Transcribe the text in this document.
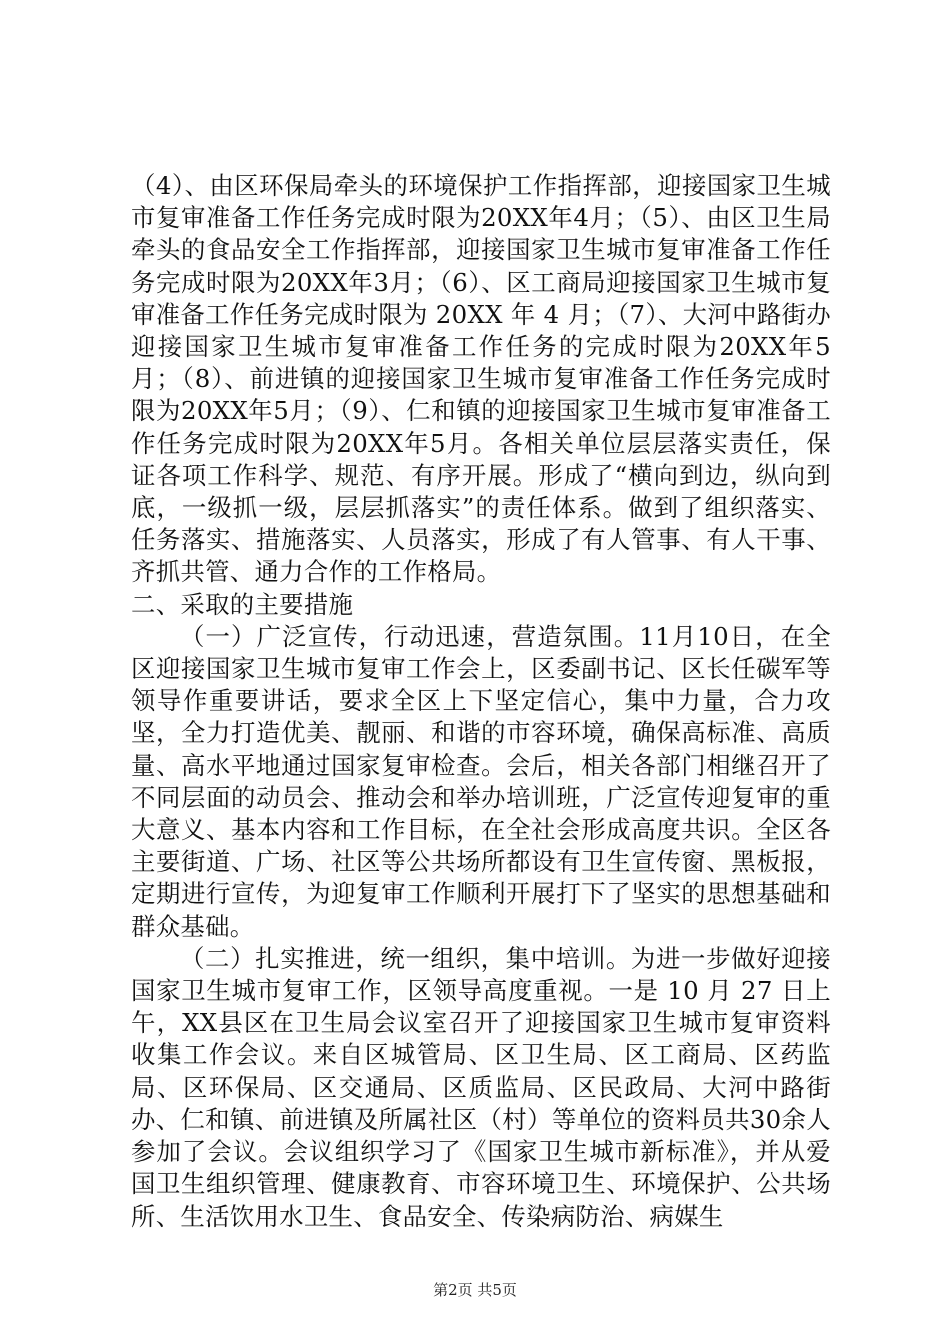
（4）、由区环保局牵头的环境保护工作指挥部，迎接国家卫生城市复审准备工作任务完成时限为20XX年4月；（5）、由区卫生局牵头的食品安全工作指挥部，迎接国家卫生城市复审准备工作任务完成时限为20XX年3月；（6）、区工商局迎接国家卫生城市复审准备工作任务完成时限为 20XX 年 4 月；（7）、大河中路街办迎接国家卫生城市复审准备工作任务的完成时限为20XX年5月；（8）、前进镇的迎接国家卫生城市复审准备工作任务完成时限为20XX年5月；（9）、仁和镇的迎接国家卫生城市复审准备工作任务完成时限为20XX年5月。各相关单位层层落实责任，保证各项工作科学、规范、有序开展。形成了“横向到边，纵向到底，一级抓一级，层层抓落实”的责任体系。做到了组织落实、任务落实、措施落实、人员落实，形成了有人管事、有人干事、齐抓共管、通力合作的工作格局。

二、采取的主要措施

（一）广泛宣传，行动迅速，营造氛围。11月10日，在全区迎接国家卫生城市复审工作会上，区委副书记、区长任碳军等领导作重要讲话，要求全区上下坚定信心，集中力量，合力攻坚，全力打造优美、靓丽、和谐的市容环境，确保高标准、高质量、高水平地通过国家复审检查。会后，相关各部门相继召开了不同层面的动员会、推动会和举办培训班，广泛宣传迎复审的重大意义、基本内容和工作目标，在全社会形成高度共识。全区各主要街道、广场、社区等公共场所都设有卫生宣传窗、黑板报，定期进行宣传，为迎复审工作顺利开展打下了坚实的思想基础和群众基础。

（二）扎实推进，统一组织，集中培训。为进一步做好迎接国家卫生城市复审工作，区领导高度重视。一是 10 月 27 日上午，XX县区在卫生局会议室召开了迎接国家卫生城市复审资料收集工作会议。来自区城管局、区卫生局、区工商局、区药监局、区环保局、区交通局、区质监局、区民政局、大河中路街办、仁和镇、前进镇及所属社区（村）等单位的资料员共30余人参加了会议。会议组织学习了《国家卫生城市新标准》，并从爱国卫生组织管理、健康教育、市容环境卫生、环境保护、公共场所、生活饮用水卫生、食品安全、传染病防治、病媒生

第2页 共5页
